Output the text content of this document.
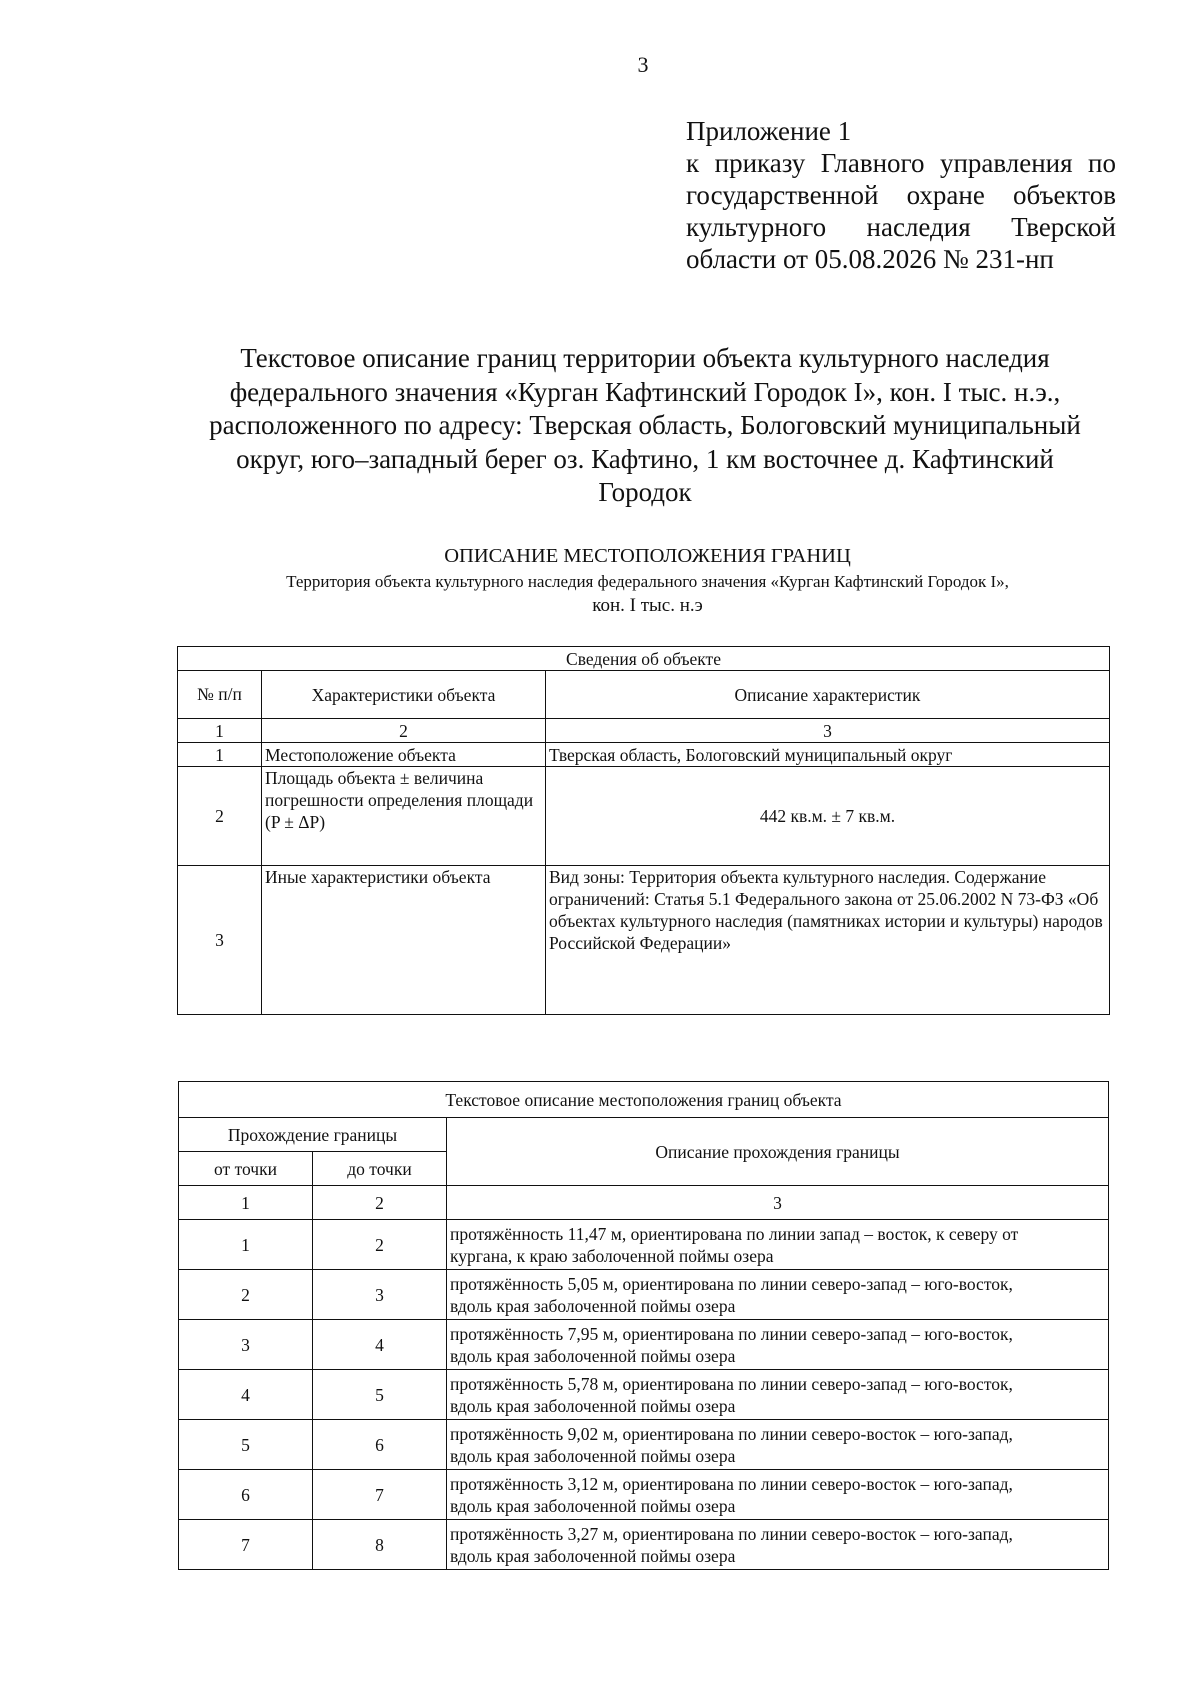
3
Приложение 1
к приказу Главного управления по
государственной охране объектов
культурного наследия Тверской
области от 05.08.2026 № 231-нп
Текстовое описание границ территории объекта культурного наследия
федерального значения «Курган Кафтинский Городок I», кон. I тыс. н.э.,
расположенного по адресу: Тверская область, Бологовский муниципальный
округ, юго–западный берег оз. Кафтино, 1 км восточнее д. Кафтинский
Городок
ОПИСАНИЕ МЕСТОПОЛОЖЕНИЯ ГРАНИЦ
Территория объекта культурного наследия федерального значения «Курган Кафтинский Городок I»,
кон. I тыс. н.э
Сведения об объекте		
№ п/п	Характеристики объекта	Описание характеристик
1	2	3
1	Местоположение объекта	Тверская область, Бологовский муниципальный округ
2	Площадь объекта ± величина погрешности определения площади (P ± ΔP)	442 кв.м. ± 7 кв.м.
3	Иные характеристики объекта	Вид зоны: Территория объекта культурного наследия. Содержание ограничений: Статья 5.1 Федерального закона от 25.06.2002 N 73-ФЗ «Об объектах культурного наследия (памятниках истории и культуры) народов Российской Федерации»
Текстовое описание местоположения границ объекта		
Прохождение границы		Описание прохождения границы
от точки	до точки	
1	2	3
1	2	протяжённость 11,47 м, ориентирована по линии запад – восток, к северу от
кургана, к краю заболоченной поймы озера

2	3	протяжённость 5,05 м, ориентирована по линии северо-запад – юго-восток,
вдоль края заболоченной поймы озера

3	4	протяжённость 7,95 м, ориентирована по линии северо-запад – юго-восток,
вдоль края заболоченной поймы озера

4	5	протяжённость 5,78 м, ориентирована по линии северо-запад – юго-восток,
вдоль края заболоченной поймы озера

5	6	протяжённость 9,02 м, ориентирована по линии северо-восток – юго-запад,
вдоль края заболоченной поймы озера

6	7	протяжённость 3,12 м, ориентирована по линии северо-восток – юго-запад,
вдоль края заболоченной поймы озера

7	8	протяжённость 3,27 м, ориентирована по линии северо-восток – юго-запад,
вдоль края заболоченной поймы озера
